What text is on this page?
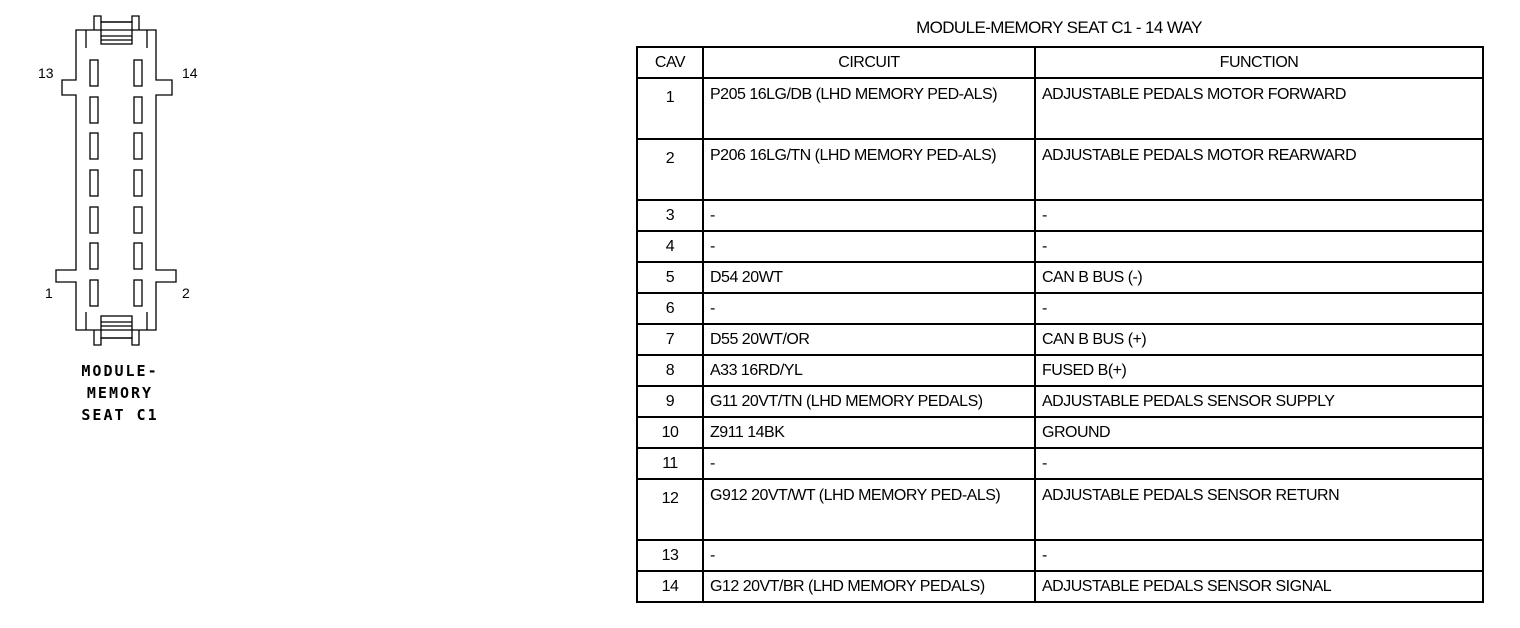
13	14
1	2
MODULE-
MEMORY
SEAT C1
MODULE-MEMORY SEAT C1 - 14 WAY
CAV	CIRCUIT	FUNCTION
1	P205 16LG/DB (LHD MEMORY PED-ALS)	ADJUSTABLE PEDALS MOTOR FORWARD
2	P206 16LG/TN (LHD MEMORY PED-ALS)	ADJUSTABLE PEDALS MOTOR REARWARD
3	-	-
4	-	-
5	D54 20WT	CAN B BUS (-)
6	-	-
7	D55 20WT/OR	CAN B BUS (+)
8	A33 16RD/YL	FUSED B(+)
9	G11 20VT/TN (LHD MEMORY PEDALS)	ADJUSTABLE PEDALS SENSOR SUPPLY
10	Z911 14BK	GROUND
11	-	-
12	G912 20VT/WT (LHD MEMORY PED-ALS)	ADJUSTABLE PEDALS SENSOR RETURN
13	-	-
14	G12 20VT/BR (LHD MEMORY PEDALS)	ADJUSTABLE PEDALS SENSOR SIGNAL
